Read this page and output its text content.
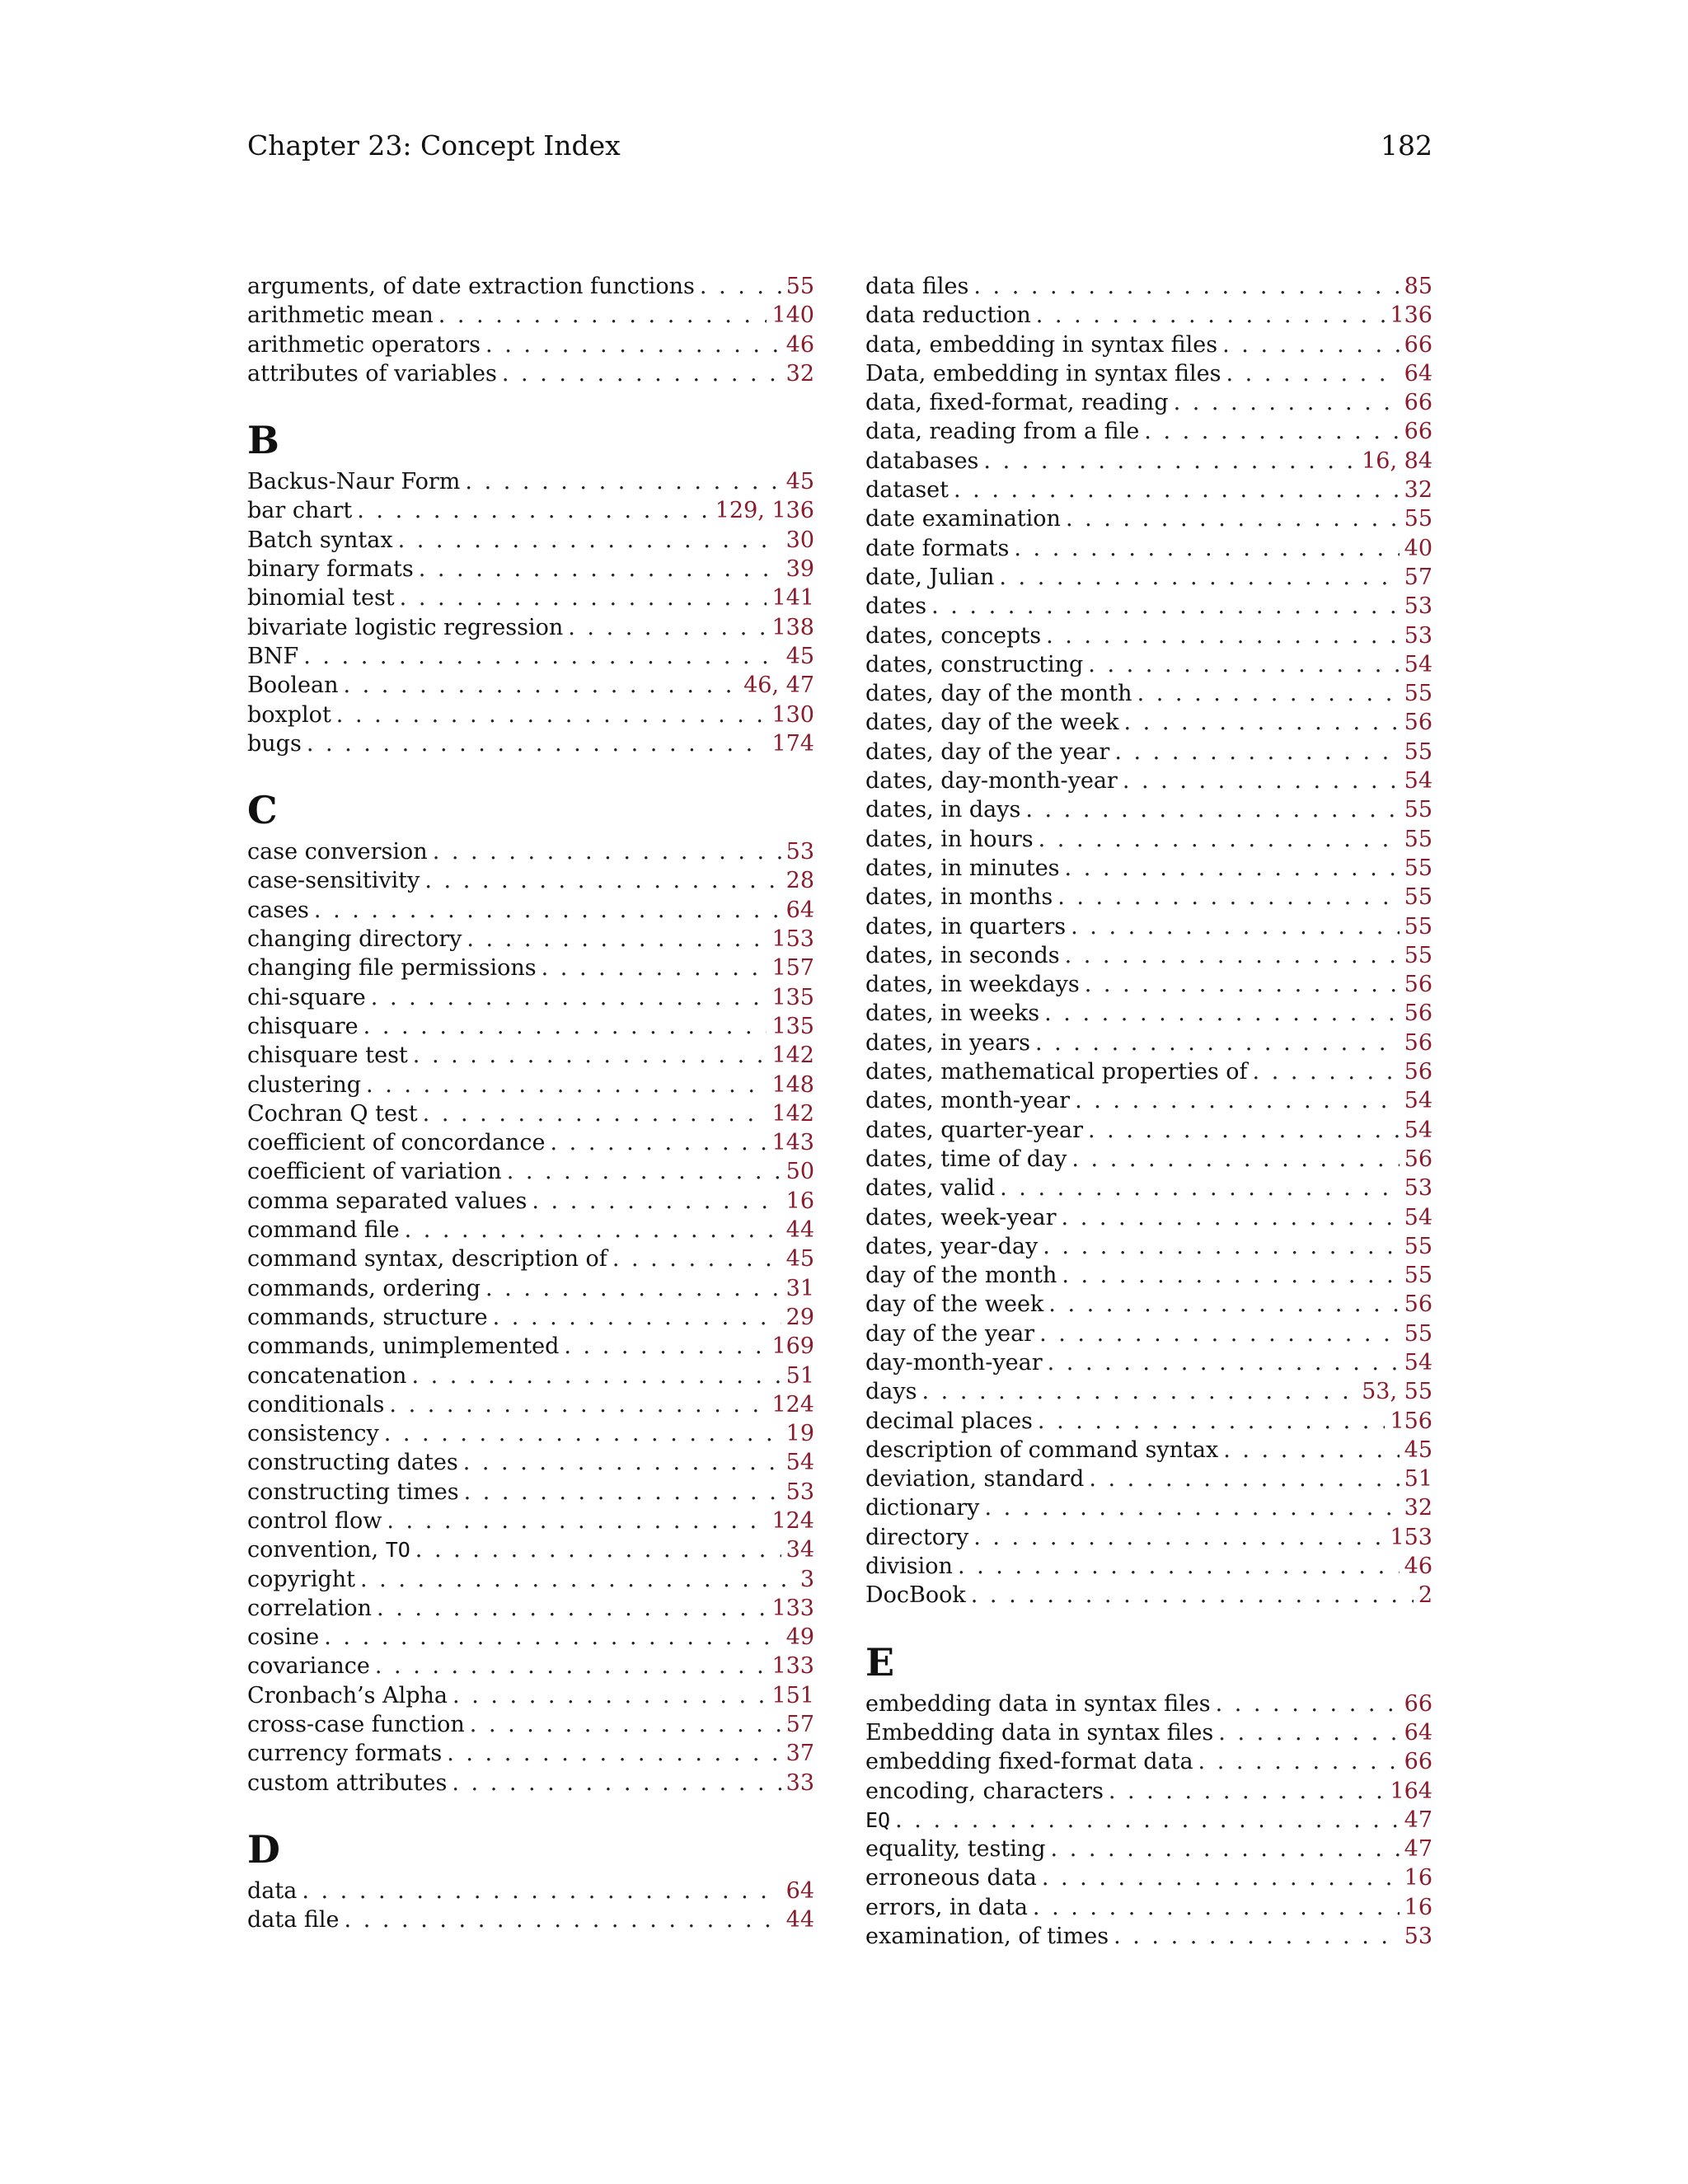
Chapter 23: Concept Index	182
arguments, of date extraction functions . . .	55
arithmetic mean . . .	140
arithmetic operators . . .	46
attributes of variables . . .	32
B
Backus-Naur Form . . .	45
bar chart . . .	129, 136
Batch syntax . . .	30
binary formats . . .	39
binomial test . . .	141
bivariate logistic regression . . .	138
BNF . . .	45
Boolean . . .	46, 47
boxplot . . .	130
bugs . . .	174
C
case conversion . . .	53
case-sensitivity . . .	28
cases . . .	64
changing directory . . .	153
changing file permissions . . .	157
chi-square . . .	135
chisquare . . .	135
chisquare test . . .	142
clustering . . .	148
Cochran Q test . . .	142
coefficient of concordance . . .	143
coefficient of variation . . .	50
comma separated values . . .	16
command file . . .	44
command syntax, description of . . .	45
commands, ordering . . .	31
commands, structure . . .	29
commands, unimplemented . . .	169
concatenation . . .	51
conditionals . . .	124
consistency . . .	19
constructing dates . . .	54
constructing times . . .	53
control flow . . .	124
convention, TO . . .	34
copyright . . .	3
correlation . . .	133
cosine . . .	49
covariance . . .	133
Cronbach’s Alpha . . .	151
cross-case function . . .	57
currency formats . . .	37
custom attributes . . .	33
D
data . . .	64
data file . . .	44
data files . . .	85
data reduction . . .	136
data, embedding in syntax files . . .	66
Data, embedding in syntax files . . .	64
data, fixed-format, reading . . .	66
data, reading from a file . . .	66
databases . . .	16, 84
dataset . . .	32
date examination . . .	55
date formats . . .	40
date, Julian . . .	57
dates . . .	53
dates, concepts . . .	53
dates, constructing . . .	54
dates, day of the month . . .	55
dates, day of the week . . .	56
dates, day of the year . . .	55
dates, day-month-year . . .	54
dates, in days . . .	55
dates, in hours . . .	55
dates, in minutes . . .	55
dates, in months . . .	55
dates, in quarters . . .	55
dates, in seconds . . .	55
dates, in weekdays . . .	56
dates, in weeks . . .	56
dates, in years . . .	56
dates, mathematical properties of . . .	56
dates, month-year . . .	54
dates, quarter-year . . .	54
dates, time of day . . .	56
dates, valid . . .	53
dates, week-year . . .	54
dates, year-day . . .	55
day of the month . . .	55
day of the week . . .	56
day of the year . . .	55
day-month-year . . .	54
days . . .	53, 55
decimal places . . .	156
description of command syntax . . .	45
deviation, standard . . .	51
dictionary . . .	32
directory . . .	153
division . . .	46
DocBook . . .	2
E
embedding data in syntax files . . .	66
Embedding data in syntax files . . .	64
embedding fixed-format data . . .	66
encoding, characters . . .	164
EQ . . .	47
equality, testing . . .	47
erroneous data . . .	16
errors, in data . . .	16
examination, of times . . .	53
